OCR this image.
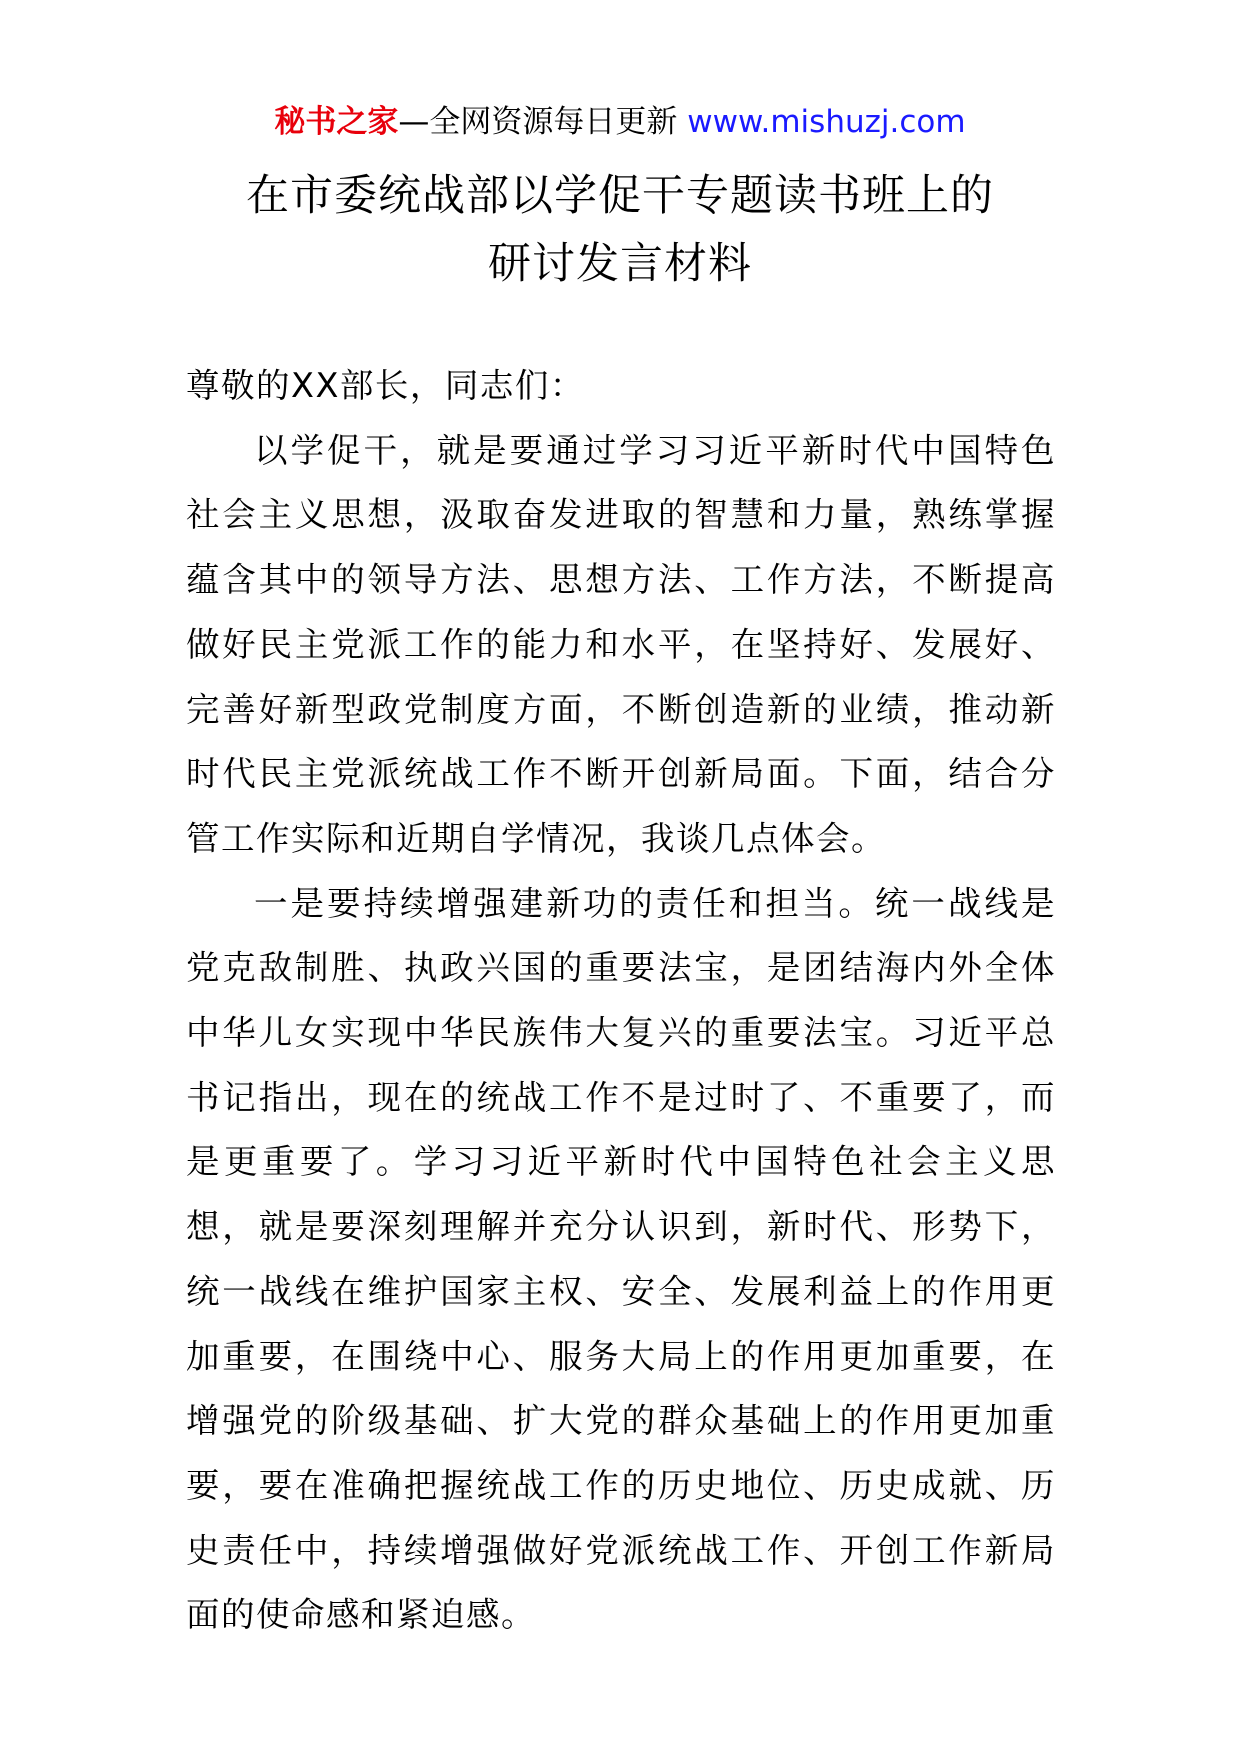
秘书之家—全网资源每日更新 www.mishuzj.com
在市委统战部以学促干专题读书班上的
研讨发言材料

尊敬的XX部长，同志们：

以学促干，就是要通过学习习近平新时代中国特色社会主义思想，汲取奋发进取的智慧和力量，熟练掌握蕴含其中的领导方法、思想方法、工作方法，不断提高做好民主党派工作的能力和水平，在坚持好、发展好、完善好新型政党制度方面，不断创造新的业绩，推动新时代民主党派统战工作不断开创新局面。下面，结合分管工作实际和近期自学情况，我谈几点体会。

一是要持续增强建新功的责任和担当。统一战线是党克敌制胜、执政兴国的重要法宝，是团结海内外全体中华儿女实现中华民族伟大复兴的重要法宝。习近平总书记指出，现在的统战工作不是过时了、不重要了，而是更重要了。学习习近平新时代中国特色社会主义思想，就是要深刻理解并充分认识到，新时代、形势下，统一战线在维护国家主权、安全、发展利益上的作用更加重要，在围绕中心、服务大局上的作用更加重要，在增强党的阶级基础、扩大党的群众基础上的作用更加重要，要在准确把握统战工作的历史地位、历史成就、历史责任中，持续增强做好党派统战工作、开创工作新局面的使命感和紧迫感。
